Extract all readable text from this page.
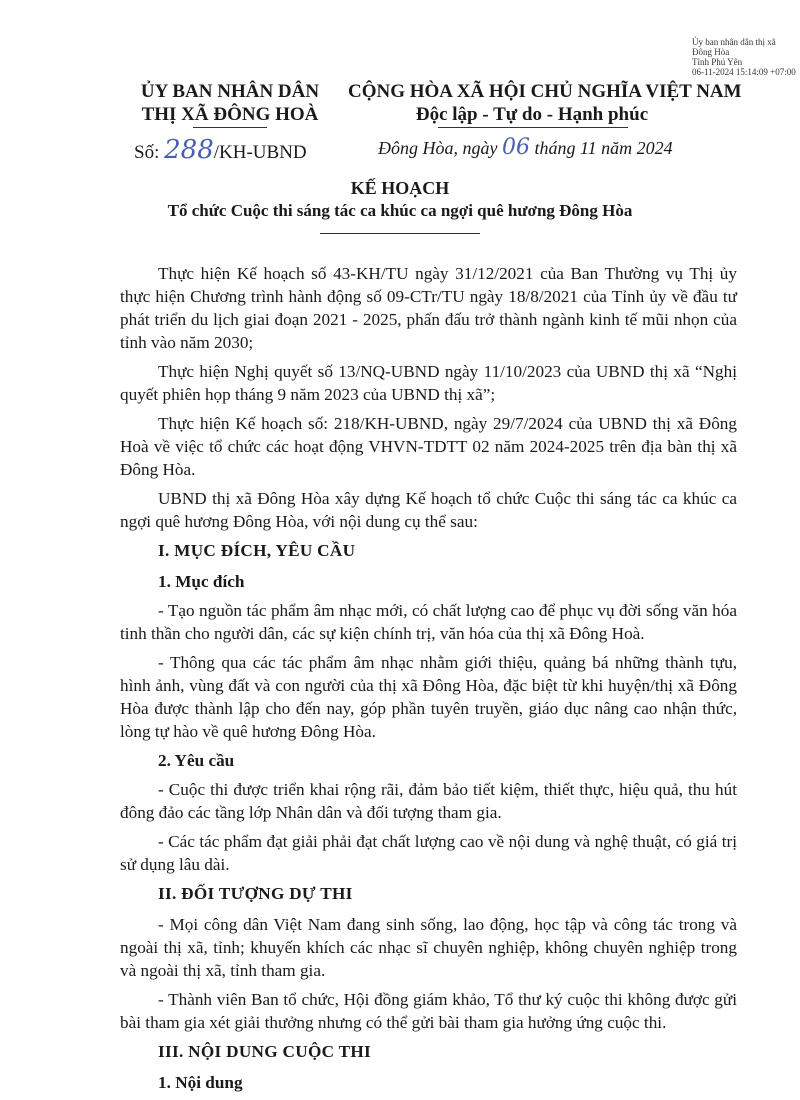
Ủy ban nhân dân thị xã
Đông Hòa
Tỉnh Phú Yên
06-11-2024 15:14:09 +07:00
ỦY BAN NHÂN DÂN
THỊ XÃ ĐÔNG HOÀ
CỘNG HÒA XÃ HỘI CHỦ NGHĨA VIỆT NAM
Độc lập - Tự do - Hạnh phúc
Số: 288/KH-UBND	Đông Hòa, ngày 06 tháng 11 năm 2024
KẾ HOẠCH
Tổ chức Cuộc thi sáng tác ca khúc ca ngợi quê hương Đông Hòa

Thực hiện Kế hoạch số 43-KH/TU ngày 31/12/2021 của Ban Thường vụ Thị ủy thực hiện Chương trình hành động số 09-CTr/TU ngày 18/8/2021 của Tỉnh ủy về đầu tư phát triển du lịch giai đoạn 2021 - 2025, phấn đấu trở thành ngành kinh tế mũi nhọn của tỉnh vào năm 2030;

Thực hiện Nghị quyết số 13/NQ-UBND ngày 11/10/2023 của UBND thị xã “Nghị quyết phiên họp tháng 9 năm 2023 của UBND thị xã”;

Thực hiện Kế hoạch số: 218/KH-UBND, ngày 29/7/2024 của UBND thị xã Đông Hoà về việc tổ chức các hoạt động VHVN-TDTT 02 năm 2024-2025 trên địa bàn thị xã Đông Hòa.

UBND thị xã Đông Hòa xây dựng Kế hoạch tổ chức Cuộc thi sáng tác ca khúc ca ngợi quê hương Đông Hòa, với nội dung cụ thể sau:

I. MỤC ĐÍCH, YÊU CẦU
1. Mục đích

- Tạo nguồn tác phẩm âm nhạc mới, có chất lượng cao để phục vụ đời sống văn hóa tinh thần cho người dân, các sự kiện chính trị, văn hóa của thị xã Đông Hoà.

- Thông qua các tác phẩm âm nhạc nhằm giới thiệu, quảng bá những thành tựu, hình ảnh, vùng đất và con người của thị xã Đông Hòa, đặc biệt từ khi huyện/thị xã Đông Hòa được thành lập cho đến nay, góp phần tuyên truyền, giáo dục nâng cao nhận thức, lòng tự hào về quê hương Đông Hòa.

2. Yêu cầu

- Cuộc thi được triển khai rộng rãi, đảm bảo tiết kiệm, thiết thực, hiệu quả, thu hút đông đảo các tầng lớp Nhân dân và đối tượng tham gia.

- Các tác phẩm đạt giải phải đạt chất lượng cao về nội dung và nghệ thuật, có giá trị sử dụng lâu dài.

II. ĐỐI TƯỢNG DỰ THI

- Mọi công dân Việt Nam đang sinh sống, lao động, học tập và công tác trong và ngoài thị xã, tỉnh; khuyến khích các nhạc sĩ chuyên nghiệp, không chuyên nghiệp trong và ngoài thị xã, tỉnh tham gia.

- Thành viên Ban tổ chức, Hội đồng giám khảo, Tổ thư ký cuộc thi không được gửi bài tham gia xét giải thưởng nhưng có thể gửi bài tham gia hưởng ứng cuộc thi.

III. NỘI DUNG CUỘC THI
1. Nội dung
